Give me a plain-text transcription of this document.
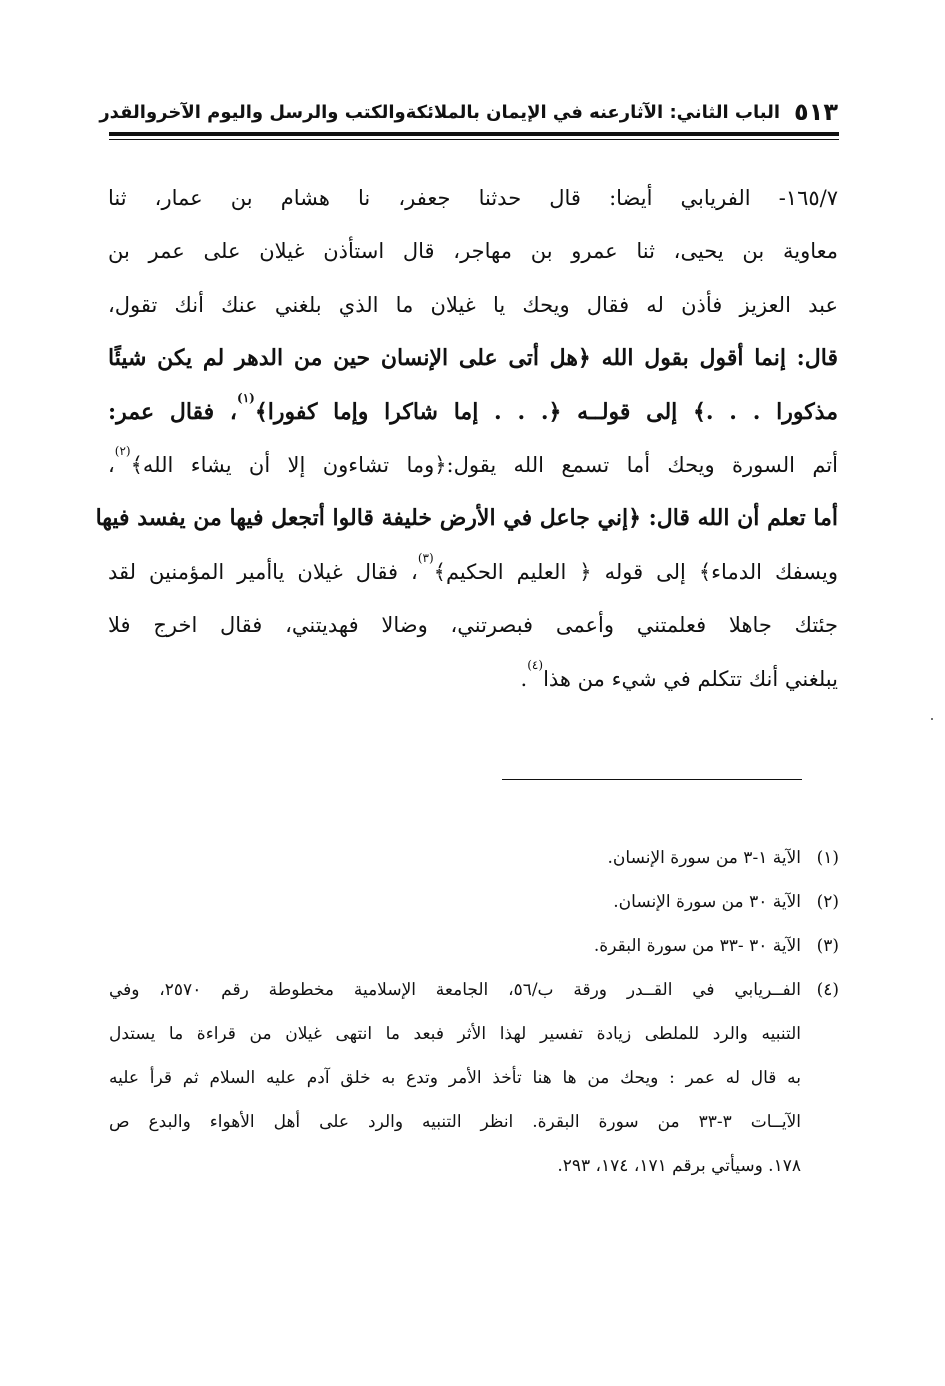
٥١٣
الباب الثاني: الآثارعنه في الإيمان بالملائكةوالكتب والرسل واليوم الآخروالقدر
١٦٥/٧- الفريابي أيضا: قال حدثنا جعفر، نا هشام بن عمار، ثنا
معاوية بن يحيى، ثنا عمرو بن مهاجر، قال استأذن غيلان على عمر بن
عبد العزيز فأذن له فقال ويحك يا غيلان ما الذي بلغني عنك أنك تقول،
قال: إنما أقول بقول الله ﴿هل أتى على الإنسان حين من الدهر لم يكن شيئًا
مذكورا . . .﴾ إلى قولــه ﴿. . . إما شاكرا وإما كفورا﴾$^{(١)}$، فقال عمر:
أتم السورة ويحك أما تسمع الله يقول:﴿وما تشاءون إلا أن يشاء الله﴾$^{(٢)}$،
أما تعلم أن الله قال: ﴿إني جاعل في الأرض خليفة قالوا أتجعل فيها من يفسد فيها
ويسفك الدماء﴾ إلى قوله ﴿ العليم الحكيم﴾$^{(٣)}$، فقال غيلان ياأمير المؤمنين لقد
جئتك جاهلا فعلمتني وأعمى فبصرتني، وضالا فهديتني، فقال اخرج فلا
يبلغني أنك تتكلم في شيء من هذا$^{(٤)}$.
(١)
الآية ١-٣ من سورة الإنسان.
(٢)
الآية ٣٠ من سورة الإنسان.
(٣)
الآية ٣٠ -٣٣ من سورة البقرة.
(٤)
الفــريابي في القــدر ورقة ب/٥٦، الجامعة الإسلامية مخطوطة رقم ٢٥٧٠، وفي
التنبيه والرد للملطى زيادة تفسير لهذا الأثر فبعد ما انتهى غيلان من قراءة ما يستدل
به قال له عمر : ويحك من ها هنا تأخذ الأمر وتدع به خلق آدم عليه السلام ثم قرأ عليه
الآيــات ٣-٣٣ من سورة البقرة. انظر التنبيه والرد على أهل الأهواء والبدع ص
١٧٨. وسيأتي برقم ١٧١، ١٧٤، ٢٩٣.
